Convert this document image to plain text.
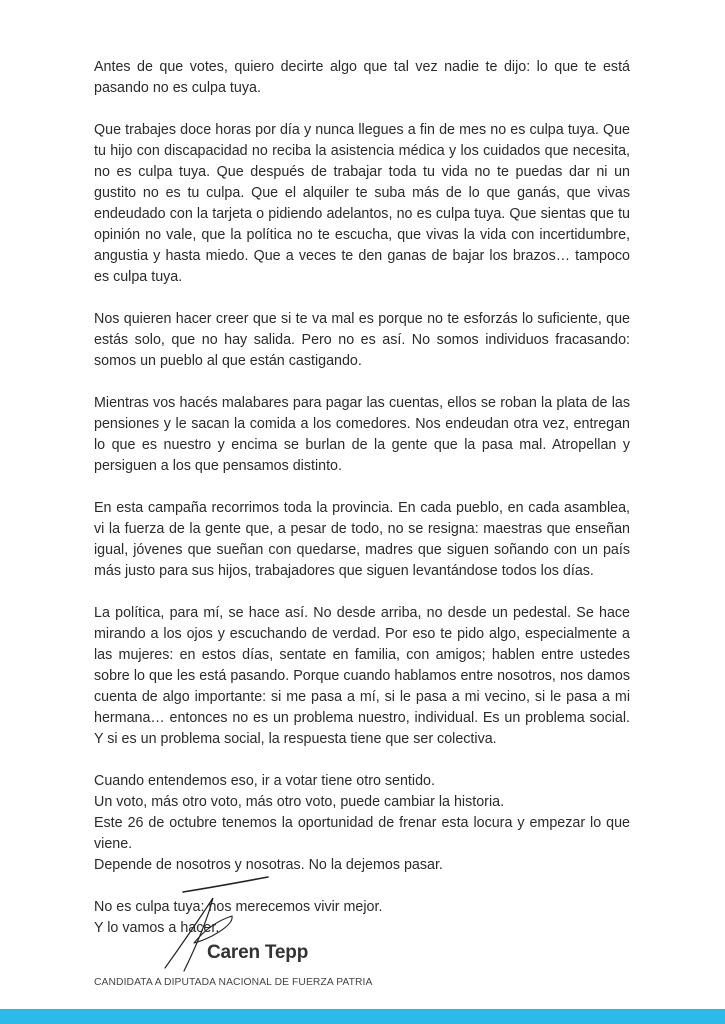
Antes de que votes, quiero decirte algo que tal vez nadie te dijo: lo que te está pasando no es culpa tuya.

Que trabajes doce horas por día y nunca llegues a fin de mes no es culpa tuya. Que tu hijo con discapacidad no reciba la asistencia médica y los cuidados que necesita, no es culpa tuya. Que después de trabajar toda tu vida no te puedas dar ni un gustito no es tu culpa. Que el alquiler te suba más de lo que ganás, que vivas endeudado con la tarjeta o pidiendo adelantos, no es culpa tuya. Que sientas que tu opinión no vale, que la política no te escucha, que vivas la vida con incertidumbre, angustia y hasta miedo. Que a veces te den ganas de bajar los brazos… tampoco es culpa tuya.

Nos quieren hacer creer que si te va mal es porque no te esforzás lo suficiente, que estás solo, que no hay salida. Pero no es así. No somos individuos fracasando: somos un pueblo al que están castigando.

Mientras vos hacés malabares para pagar las cuentas, ellos se roban la plata de las pensiones y le sacan la comida a los comedores. Nos endeudan otra vez, entregan lo que es nuestro y encima se burlan de la gente que la pasa mal. Atropellan y persiguen a los que pensamos distinto.

En esta campaña recorrimos toda la provincia. En cada pueblo, en cada asamblea, vi la fuerza de la gente que, a pesar de todo, no se resigna: maestras que enseñan igual, jóvenes que sueñan con quedarse, madres que siguen soñando con un país más justo para sus hijos, trabajadores que siguen levantándose todos los días.

La política, para mí, se hace así. No desde arriba, no desde un pedestal. Se hace mirando a los ojos y escuchando de verdad. Por eso te pido algo, especialmente a las mujeres: en estos días, sentate en familia, con amigos; hablen entre ustedes sobre lo que les está pasando. Porque cuando hablamos entre nosotros, nos damos cuenta de algo importante: si me pasa a mí, si le pasa a mi vecino, si le pasa a mi hermana… entonces no es un problema nuestro, individual. Es un problema social. Y si es un problema social, la respuesta tiene que ser colectiva.

Cuando entendemos eso, ir a votar tiene otro sentido.
Un voto, más otro voto, más otro voto, puede cambiar la historia.
Este 26 de octubre tenemos la oportunidad de frenar esta locura y empezar lo que viene.
Depende de nosotros y nosotras. No la dejemos pasar.
No es culpa tuya: nos merecemos vivir mejor.
Y lo vamos a hacer.
Caren Tepp
CANDIDATA A DIPUTADA NACIONAL DE FUERZA PATRIA
